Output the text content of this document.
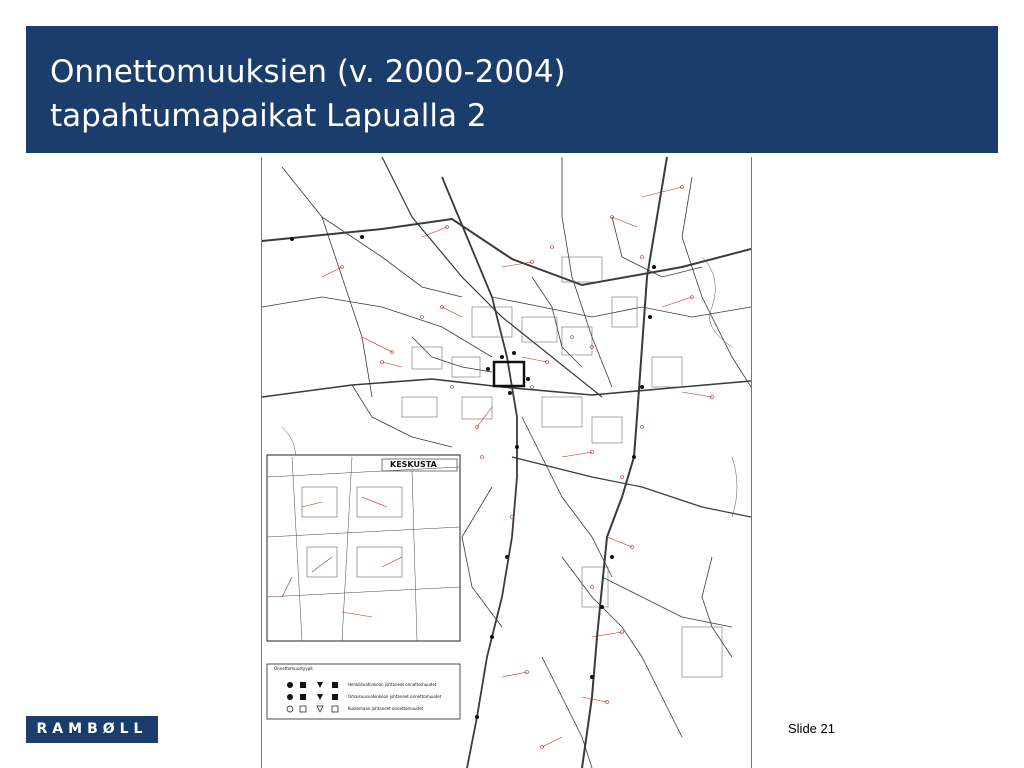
Onnettomuuksien (v. 2000-2004)
tapahtumapaikat Lapualla 2
KESKUSTA
Onnettomuustyypit
Henkilövahinkoon johtaneet onnettomuudet
Omaisuusvahinkoon johtaneet onnettomuudet
Kuolemaan johtaneet onnettomuudet
RAMBØLL	Slide 21
